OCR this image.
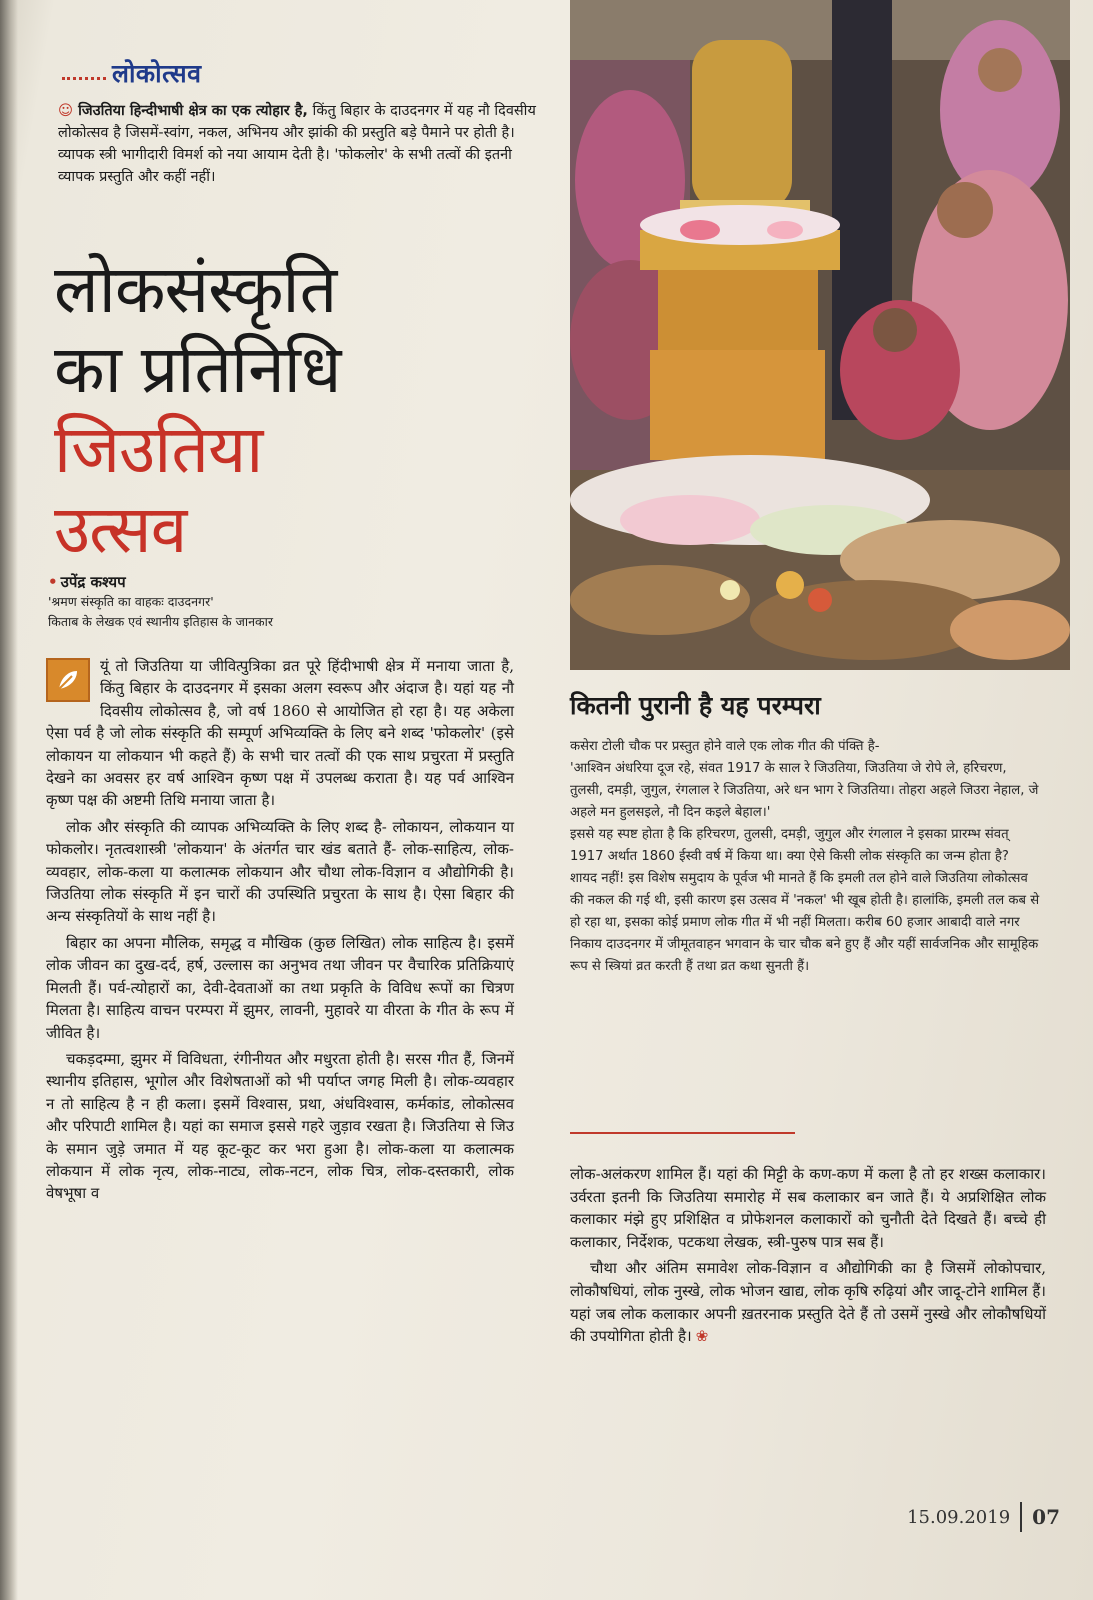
लोकोत्सव
☺ जिउतिया हिन्दीभाषी क्षेत्र का एक त्योहार है, किंतु बिहार के दाउदनगर में यह नौ दिवसीय लोकोत्सव है जिसमें-स्वांग, नकल, अभिनय और झांकी की प्रस्तुति बड़े पैमाने पर होती है। व्यापक स्त्री भागीदारी विमर्श को नया आयाम देती है। 'फोकलोर' के सभी तत्वों की इतनी व्यापक प्रस्तुति और कहीं नहीं।
लोकसंस्कृति
का प्रतिनिधि
जिउतिया
उत्सव
• उपेंद्र कश्यप
'श्रमण संस्कृति का वाहकः दाउदनगर'
किताब के लेखक एवं स्थानीय इतिहास के जानकार

यूं तो जिउतिया या जीवित्पुत्रिका व्रत पूरे हिंदीभाषी क्षेत्र में मनाया जाता है, किंतु बिहार के दाउदनगर में इसका अलग स्वरूप और अंदाज है। यहां यह नौ दिवसीय लोकोत्सव है, जो वर्ष 1860 से आयोजित हो रहा है। यह अकेला ऐसा पर्व है जो लोक संस्कृति की सम्पूर्ण अभिव्यक्ति के लिए बने शब्द 'फोकलोर' (इसे लोकायन या लोकयान भी कहते हैं) के सभी चार तत्वों की एक साथ प्रचुरता में प्रस्तुति देखने का अवसर हर वर्ष आश्विन कृष्ण पक्ष में उपलब्ध कराता है। यह पर्व आश्विन कृष्ण पक्ष की अष्टमी तिथि मनाया जाता है।

लोक और संस्कृति की व्यापक अभिव्यक्ति के लिए शब्द है- लोकायन, लोकयान या फोकलोर। नृतत्वशास्त्री 'लोकयान' के अंतर्गत चार खंड बताते हैं- लोक-साहित्य, लोक-व्यवहार, लोक-कला या कलात्मक लोकयान और चौथा लोक-विज्ञान व औद्योगिकी है। जिउतिया लोक संस्कृति में इन चारों की उपस्थिति प्रचुरता के साथ है। ऐसा बिहार की अन्य संस्कृतियों के साथ नहीं है।

बिहार का अपना मौलिक, समृद्ध व मौखिक (कुछ लिखित) लोक साहित्य है। इसमें लोक जीवन का दुख-दर्द, हर्ष, उल्लास का अनुभव तथा जीवन पर वैचारिक प्रतिक्रियाएं मिलती हैं। पर्व-त्योहारों का, देवी-देवताओं का तथा प्रकृति के विविध रूपों का चित्रण मिलता है। साहित्य वाचन परम्परा में झुमर, लावनी, मुहावरे या वीरता के गीत के रूप में जीवित है।

चकड़दम्मा, झुमर में विविधता, रंगीनीयत और मधुरता होती है। सरस गीत हैं, जिनमें स्थानीय इतिहास, भूगोल और विशेषताओं को भी पर्याप्त जगह मिली है। लोक-व्यवहार न तो साहित्य है न ही कला। इसमें विश्वास, प्रथा, अंधविश्वास, कर्मकांड, लोकोत्सव और परिपाटी शामिल है। यहां का समाज इससे गहरे जुड़ाव रखता है। जिउतिया से जिउ के समान जुड़े जमात में यह कूट-कूट कर भरा हुआ है। लोक-कला या कलात्मक लोकयान में लोक नृत्य, लोक-नाट्य, लोक-नटन, लोक चित्र, लोक-दस्तकारी, लोक वेषभूषा व

कितनी पुरानी है यह परम्परा

कसेरा टोली चौक पर प्रस्तुत होने वाले एक लोक गीत की पंक्ति है-

'आश्विन अंधरिया दूज रहे, संवत 1917 के साल रे जिउतिया, जिउतिया जे रोपे ले, हरिचरण, तुलसी, दमड़ी, जुगुल, रंगलाल रे जिउतिया, अरे धन भाग रे जिउतिया। तोहरा अहले जिउरा नेहाल, जे अहले मन हुलसइले, नौ दिन कइले बेहाल।'

इससे यह स्पष्ट होता है कि हरिचरण, तुलसी, दमड़ी, जुगुल और रंगलाल ने इसका प्रारम्भ संवत् 1917 अर्थात 1860 ईस्वी वर्ष में किया था। क्या ऐसे किसी लोक संस्कृति का जन्म होता है? शायद नहीं! इस विशेष समुदाय के पूर्वज भी मानते हैं कि इमली तल होने वाले जिउतिया लोकोत्सव की नकल की गई थी, इसी कारण इस उत्सव में 'नकल' भी खूब होती है। हालांकि, इमली तल कब से हो रहा था, इसका कोई प्रमाण लोक गीत में भी नहीं मिलता। करीब 60 हजार आबादी वाले नगर निकाय दाउदनगर में जीमूतवाहन भगवान के चार चौक बने हुए हैं और यहीं सार्वजनिक और सामूहिक रूप से स्त्रियां व्रत करती हैं तथा व्रत कथा सुनती हैं।

लोक-अलंकरण शामिल हैं। यहां की मिट्टी के कण-कण में कला है तो हर शख्स कलाकार। उर्वरता इतनी कि जिउतिया समारोह में सब कलाकार बन जाते हैं। ये अप्रशिक्षित लोक कलाकार मंझे हुए प्रशिक्षित व प्रोफेशनल कलाकारों को चुनौती देते दिखते हैं। बच्चे ही कलाकार, निर्देशक, पटकथा लेखक, स्त्री-पुरुष पात्र सब हैं।

चौथा और अंतिम समावेश लोक-विज्ञान व औद्योगिकी का है जिसमें लोकोपचार, लोकौषधियां, लोक नुस्खे, लोक भोजन खाद्य, लोक कृषि रुढ़ियां और जादू-टोने शामिल हैं। यहां जब लोक कलाकार अपनी ख़तरनाक प्रस्तुति देते हैं तो उसमें नुस्खे और लोकौषधियों की उपयोगिता होती है। ❀

15.09.2019 07
